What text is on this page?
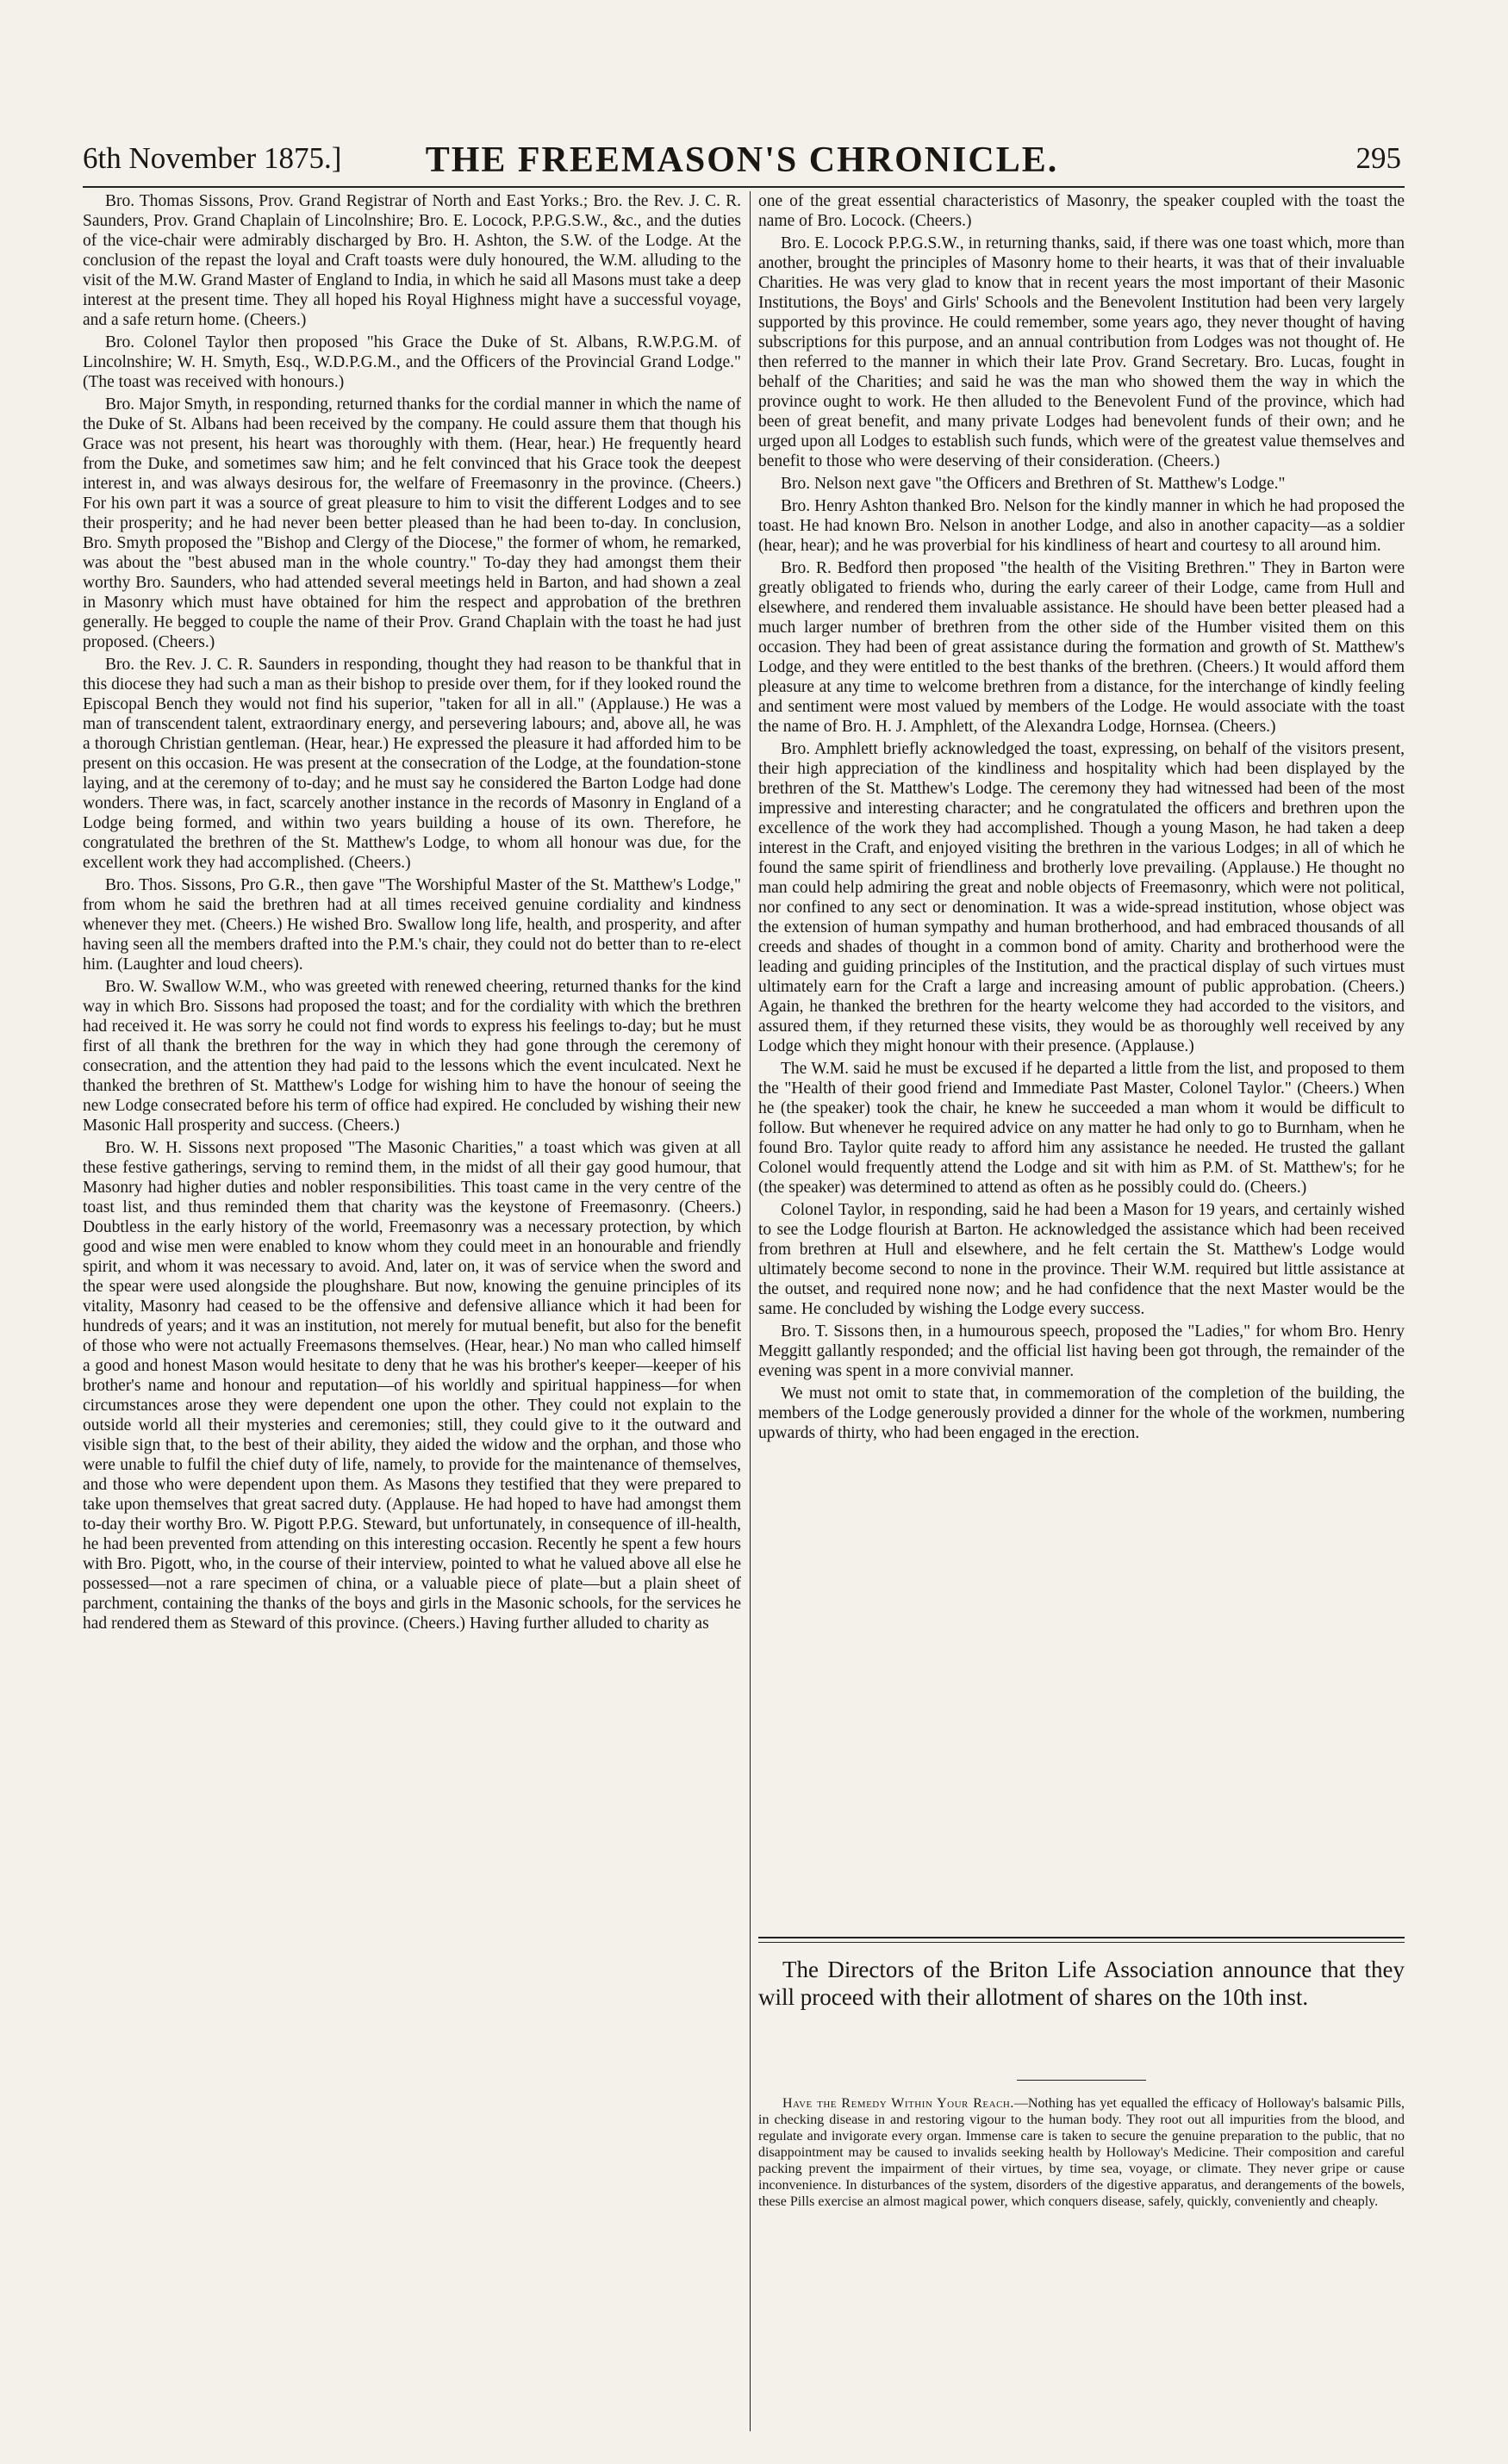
6th November 1875.]	THE FREEMASON'S CHRONICLE.	295

Bro. Thomas Sissons, Prov. Grand Registrar of North and East Yorks.; Bro. the Rev. J. C. R. Saunders, Prov. Grand Chaplain of Lincolnshire; Bro. E. Locock, P.P.G.S.W., &c., and the duties of the vice-chair were admirably discharged by Bro. H. Ashton, the S.W. of the Lodge. At the conclusion of the repast the loyal and Craft toasts were duly honoured, the W.M. alluding to the visit of the M.W. Grand Master of England to India, in which he said all Masons must take a deep interest at the present time. They all hoped his Royal Highness might have a successful voyage, and a safe return home. (Cheers.)

Bro. Colonel Taylor then proposed "his Grace the Duke of St. Albans, R.W.P.G.M. of Lincolnshire; W. H. Smyth, Esq., W.D.P.G.M., and the Officers of the Provincial Grand Lodge." (The toast was received with honours.)

Bro. Major Smyth, in responding, returned thanks for the cordial manner in which the name of the Duke of St. Albans had been received by the company. He could assure them that though his Grace was not present, his heart was thoroughly with them. (Hear, hear.) He frequently heard from the Duke, and sometimes saw him; and he felt convinced that his Grace took the deepest interest in, and was always desirous for, the welfare of Freemasonry in the province. (Cheers.) For his own part it was a source of great pleasure to him to visit the different Lodges and to see their prosperity; and he had never been better pleased than he had been to-day. In conclusion, Bro. Smyth proposed the "Bishop and Clergy of the Diocese," the former of whom, he remarked, was about the "best abused man in the whole country." To-day they had amongst them their worthy Bro. Saunders, who had attended several meetings held in Barton, and had shown a zeal in Masonry which must have obtained for him the respect and approbation of the brethren generally. He begged to couple the name of their Prov. Grand Chaplain with the toast he had just proposed. (Cheers.)

Bro. the Rev. J. C. R. Saunders in responding, thought they had reason to be thankful that in this diocese they had such a man as their bishop to preside over them, for if they looked round the Episcopal Bench they would not find his superior, "taken for all in all." (Applause.) He was a man of transcendent talent, extraordinary energy, and persevering labours; and, above all, he was a thorough Christian gentleman. (Hear, hear.) He expressed the pleasure it had afforded him to be present on this occasion. He was present at the consecration of the Lodge, at the foundation-stone laying, and at the ceremony of to-day; and he must say he considered the Barton Lodge had done wonders. There was, in fact, scarcely another instance in the records of Masonry in England of a Lodge being formed, and within two years building a house of its own. Therefore, he congratulated the brethren of the St. Matthew's Lodge, to whom all honour was due, for the excellent work they had accomplished. (Cheers.)

Bro. Thos. Sissons, Pro G.R., then gave "The Worshipful Master of the St. Matthew's Lodge," from whom he said the brethren had at all times received genuine cordiality and kindness whenever they met. (Cheers.) He wished Bro. Swallow long life, health, and prosperity, and after having seen all the members drafted into the P.M.'s chair, they could not do better than to re-elect him. (Laughter and loud cheers).

Bro. W. Swallow W.M., who was greeted with renewed cheering, returned thanks for the kind way in which Bro. Sissons had proposed the toast; and for the cordiality with which the brethren had received it. He was sorry he could not find words to express his feelings to-day; but he must first of all thank the brethren for the way in which they had gone through the ceremony of consecration, and the attention they had paid to the lessons which the event inculcated. Next he thanked the brethren of St. Matthew's Lodge for wishing him to have the honour of seeing the new Lodge consecrated before his term of office had expired. He concluded by wishing their new Masonic Hall prosperity and success. (Cheers.)

Bro. W. H. Sissons next proposed "The Masonic Charities," a toast which was given at all these festive gatherings, serving to remind them, in the midst of all their gay good humour, that Masonry had higher duties and nobler responsibilities. This toast came in the very centre of the toast list, and thus reminded them that charity was the keystone of Freemasonry. (Cheers.) Doubtless in the early history of the world, Freemasonry was a necessary protection, by which good and wise men were enabled to know whom they could meet in an honourable and friendly spirit, and whom it was necessary to avoid. And, later on, it was of service when the sword and the spear were used alongside the ploughshare. But now, knowing the genuine principles of its vitality, Masonry had ceased to be the offensive and defensive alliance which it had been for hundreds of years; and it was an institution, not merely for mutual benefit, but also for the benefit of those who were not actually Freemasons themselves. (Hear, hear.) No man who called himself a good and honest Mason would hesitate to deny that he was his brother's keeper—keeper of his brother's name and honour and reputation—of his worldly and spiritual happiness—for when circumstances arose they were dependent one upon the other. They could not explain to the outside world all their mysteries and ceremonies; still, they could give to it the outward and visible sign that, to the best of their ability, they aided the widow and the orphan, and those who were unable to fulfil the chief duty of life, namely, to provide for the maintenance of themselves, and those who were dependent upon them. As Masons they testified that they were prepared to take upon themselves that great sacred duty. (Applause. He had hoped to have had amongst them to-day their worthy Bro. W. Pigott P.P.G. Steward, but unfortunately, in consequence of ill-health, he had been prevented from attending on this interesting occasion. Recently he spent a few hours with Bro. Pigott, who, in the course of their interview, pointed to what he valued above all else he possessed—not a rare specimen of china, or a valuable piece of plate—but a plain sheet of parchment, containing the thanks of the boys and girls in the Masonic schools, for the services he had rendered them as Steward of this province. (Cheers.) Having further alluded to charity as

one of the great essential characteristics of Masonry, the speaker coupled with the toast the name of Bro. Locock. (Cheers.)

Bro. E. Locock P.P.G.S.W., in returning thanks, said, if there was one toast which, more than another, brought the principles of Masonry home to their hearts, it was that of their invaluable Charities. He was very glad to know that in recent years the most important of their Masonic Institutions, the Boys' and Girls' Schools and the Benevolent Institution had been very largely supported by this province. He could remember, some years ago, they never thought of having subscriptions for this purpose, and an annual contribution from Lodges was not thought of. He then referred to the manner in which their late Prov. Grand Secretary. Bro. Lucas, fought in behalf of the Charities; and said he was the man who showed them the way in which the province ought to work. He then alluded to the Benevolent Fund of the province, which had been of great benefit, and many private Lodges had benevolent funds of their own; and he urged upon all Lodges to establish such funds, which were of the greatest value themselves and benefit to those who were deserving of their consideration. (Cheers.)

Bro. Nelson next gave "the Officers and Brethren of St. Matthew's Lodge."

Bro. Henry Ashton thanked Bro. Nelson for the kindly manner in which he had proposed the toast. He had known Bro. Nelson in another Lodge, and also in another capacity—as a soldier (hear, hear); and he was proverbial for his kindliness of heart and courtesy to all around him.

Bro. R. Bedford then proposed "the health of the Visiting Brethren." They in Barton were greatly obligated to friends who, during the early career of their Lodge, came from Hull and elsewhere, and rendered them invaluable assistance. He should have been better pleased had a much larger number of brethren from the other side of the Humber visited them on this occasion. They had been of great assistance during the formation and growth of St. Matthew's Lodge, and they were entitled to the best thanks of the brethren. (Cheers.) It would afford them pleasure at any time to welcome brethren from a distance, for the interchange of kindly feeling and sentiment were most valued by members of the Lodge. He would associate with the toast the name of Bro. H. J. Amphlett, of the Alexandra Lodge, Hornsea. (Cheers.)

Bro. Amphlett briefly acknowledged the toast, expressing, on behalf of the visitors present, their high appreciation of the kindliness and hospitality which had been displayed by the brethren of the St. Matthew's Lodge. The ceremony they had witnessed had been of the most impressive and interesting character; and he congratulated the officers and brethren upon the excellence of the work they had accomplished. Though a young Mason, he had taken a deep interest in the Craft, and enjoyed visiting the brethren in the various Lodges; in all of which he found the same spirit of friendliness and brotherly love prevailing. (Applause.) He thought no man could help admiring the great and noble objects of Freemasonry, which were not political, nor confined to any sect or denomination. It was a wide-spread institution, whose object was the extension of human sympathy and human brotherhood, and had embraced thousands of all creeds and shades of thought in a common bond of amity. Charity and brotherhood were the leading and guiding principles of the Institution, and the practical display of such virtues must ultimately earn for the Craft a large and increasing amount of public approbation. (Cheers.) Again, he thanked the brethren for the hearty welcome they had accorded to the visitors, and assured them, if they returned these visits, they would be as thoroughly well received by any Lodge which they might honour with their presence. (Applause.)

The W.M. said he must be excused if he departed a little from the list, and proposed to them the "Health of their good friend and Immediate Past Master, Colonel Taylor." (Cheers.) When he (the speaker) took the chair, he knew he succeeded a man whom it would be difficult to follow. But whenever he required advice on any matter he had only to go to Burnham, when he found Bro. Taylor quite ready to afford him any assistance he needed. He trusted the gallant Colonel would frequently attend the Lodge and sit with him as P.M. of St. Matthew's; for he (the speaker) was determined to attend as often as he possibly could do. (Cheers.)

Colonel Taylor, in responding, said he had been a Mason for 19 years, and certainly wished to see the Lodge flourish at Barton. He acknowledged the assistance which had been received from brethren at Hull and elsewhere, and he felt certain the St. Matthew's Lodge would ultimately become second to none in the province. Their W.M. required but little assistance at the outset, and required none now; and he had confidence that the next Master would be the same. He concluded by wishing the Lodge every success.

Bro. T. Sissons then, in a humourous speech, proposed the "Ladies," for whom Bro. Henry Meggitt gallantly responded; and the official list having been got through, the remainder of the evening was spent in a more convivial manner.

We must not omit to state that, in commemoration of the completion of the building, the members of the Lodge generously provided a dinner for the whole of the workmen, numbering upwards of thirty, who had been engaged in the erection.

The Directors of the Briton Life Association announce that they will proceed with their allotment of shares on the 10th inst.

Have the Remedy Within Your Reach.—Nothing has yet equalled the efficacy of Holloway's balsamic Pills, in checking disease in and restoring vigour to the human body. They root out all impurities from the blood, and regulate and invigorate every organ. Immense care is taken to secure the genuine preparation to the public, that no disappointment may be caused to invalids seeking health by Holloway's Medicine. Their composition and careful packing prevent the impairment of their virtues, by time sea, voyage, or climate. They never gripe or cause inconvenience. In disturbances of the system, disorders of the digestive apparatus, and derangements of the bowels, these Pills exercise an almost magical power, which conquers disease, safely, quickly, conveniently and cheaply.
